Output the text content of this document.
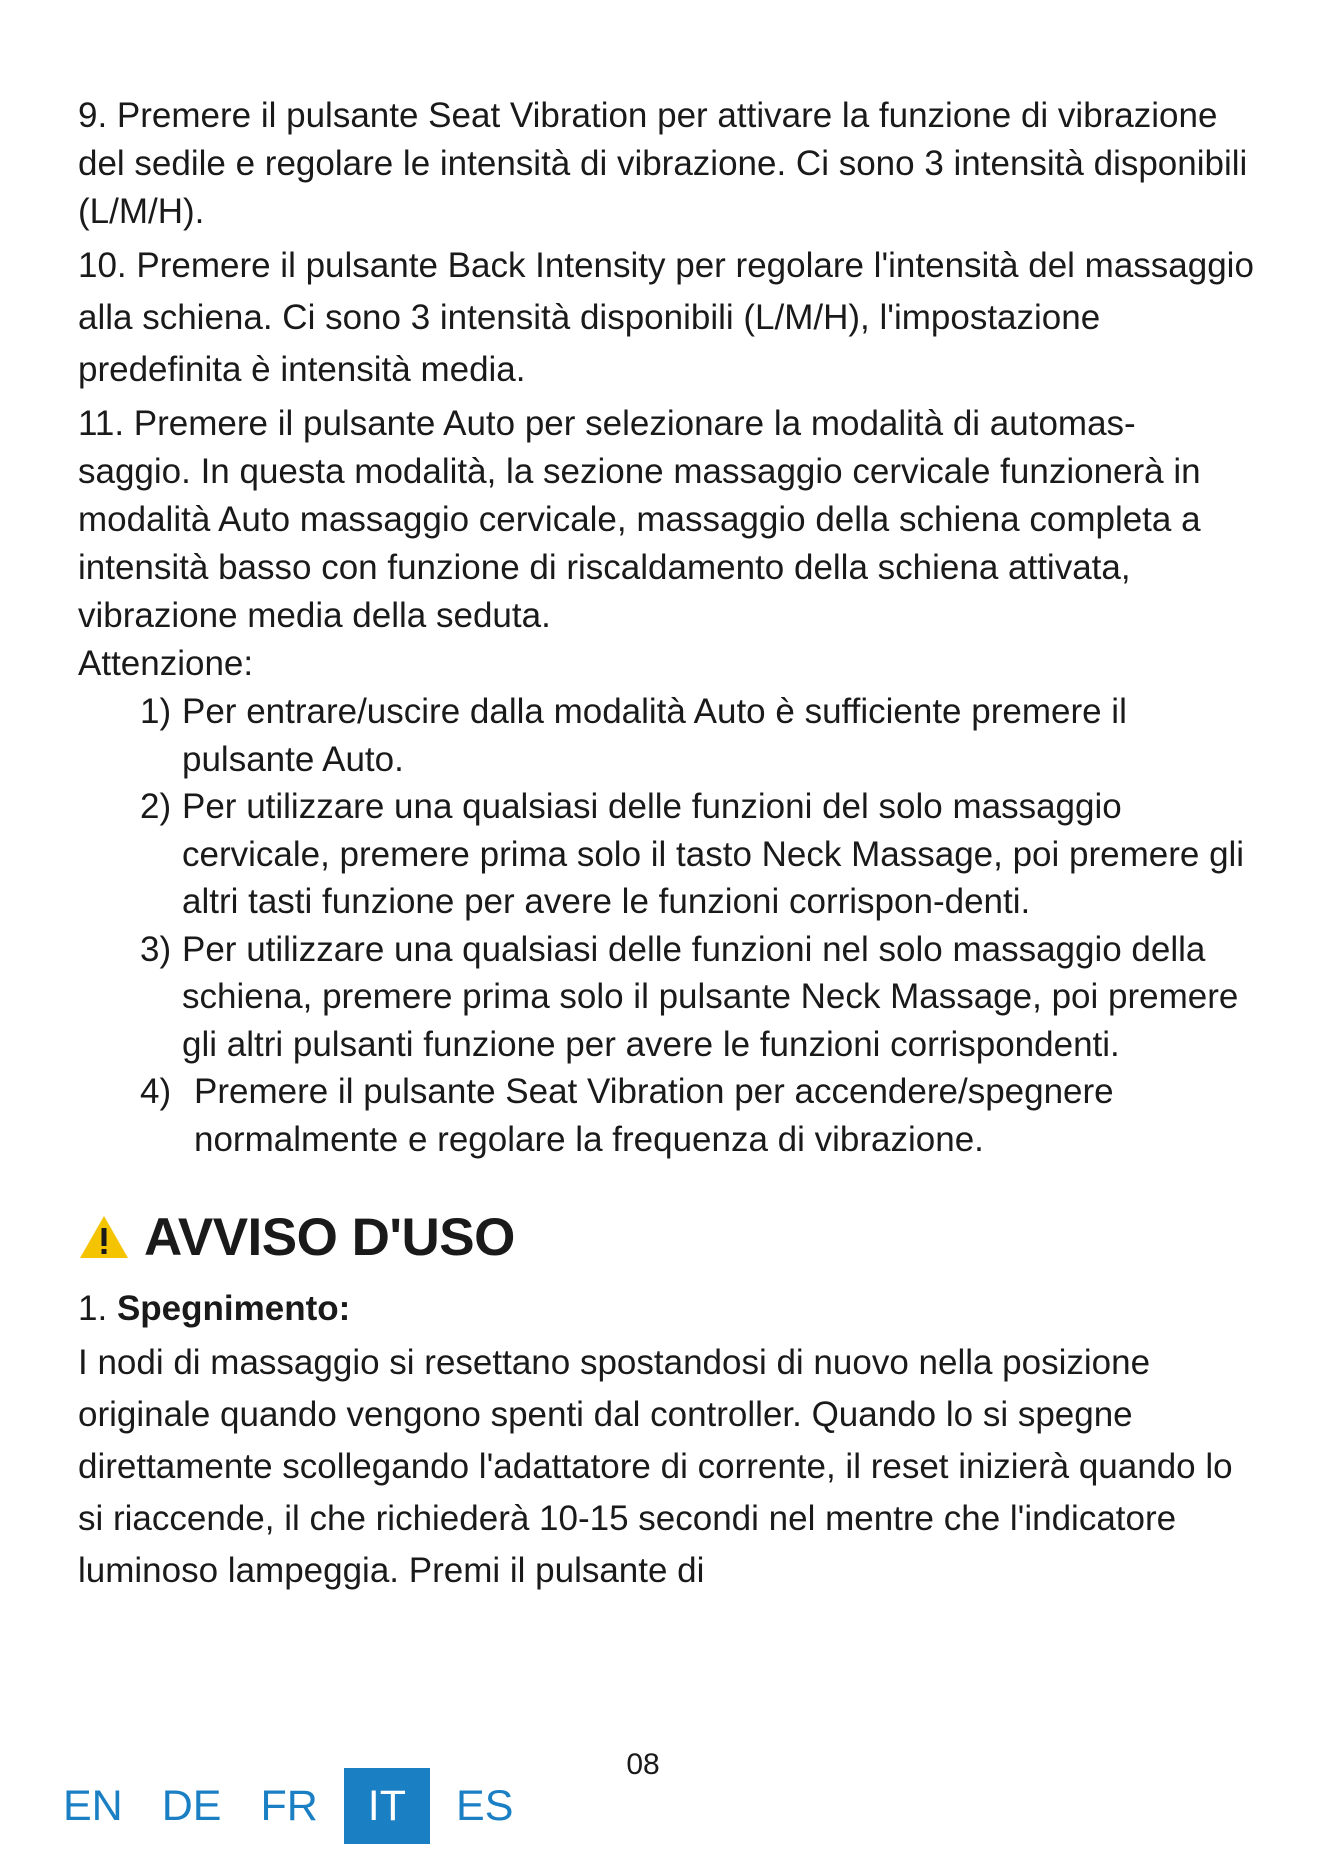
9. Premere il pulsante Seat Vibration per attivare la funzione di vibrazione del sedile e regolare le intensità di vibrazione. Ci sono 3 intensità disponibili (L/M/H).

10. Premere il pulsante Back Intensity per regolare l'intensità del massaggio alla schiena. Ci sono 3 intensità disponibili (L/M/H), l'impostazione predefinita è intensità media.

11. Premere il pulsante Auto per selezionare la modalità di automas-
saggio. In questa modalità, la sezione massaggio cervicale funzionerà in modalità Auto massaggio cervicale, massaggio della schiena completa a intensità basso con funzione di riscaldamento della schiena attivata, vibrazione media della seduta.

Attenzione:

1) Per entrare/uscire dalla modalità Auto è sufficiente premere il pulsante Auto.
2) Per utilizzare una qualsiasi delle funzioni del solo massaggio cervicale, premere prima solo il tasto Neck Massage, poi premere gli altri tasti funzione per avere le funzioni corrispon-denti.
3) Per utilizzare una qualsiasi delle funzioni nel solo massaggio della schiena, premere prima solo il pulsante Neck Massage, poi premere gli altri pulsanti funzione per avere le funzioni corrispondenti.
4) Premere il pulsante Seat Vibration per accendere/spegnere normalmente e regolare la frequenza di vibrazione.
AVVISO D'USO
1. Spegnimento:

I nodi di massaggio si resettano spostandosi di nuovo nella posizione originale quando vengono spenti dal controller. Quando lo si spegne direttamente scollegando l'adattatore di corrente, il reset inizierà quando lo si riaccende, il che richiederà 10-15 secondi nel mentre che l'indicatore luminoso lampeggia. Premi il pulsante di

08
EN DE FR	IT	ES
